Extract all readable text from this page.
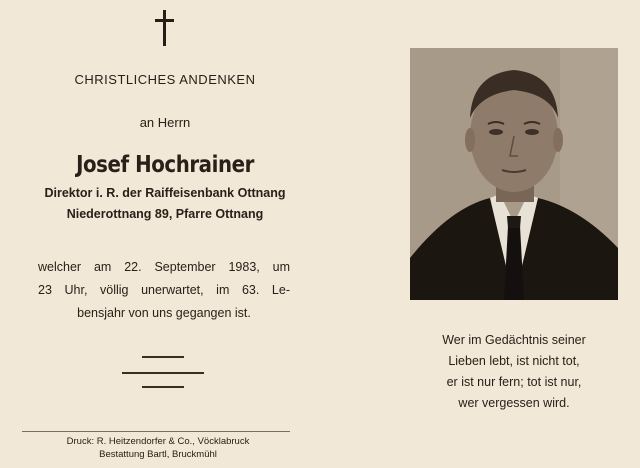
CHRISTLICHES ANDENKEN
an Herrn
Josef Hochrainer
Direktor i. R. der Raiffeisenbank Ottnang
Niederottnang 89, Pfarre Ottnang
welcher am 22. September 1983, um
23 Uhr, völlig unerwartet, im 63. Le-
bensjahr von uns gegangen ist.
Druck: R. Heitzendorfer & Co., Vöcklabruck
Bestattung Bartl, Bruckmühl
Wer im Gedächtnis seiner
Lieben lebt, ist nicht tot,
er ist nur fern; tot ist nur,
wer vergessen wird.
